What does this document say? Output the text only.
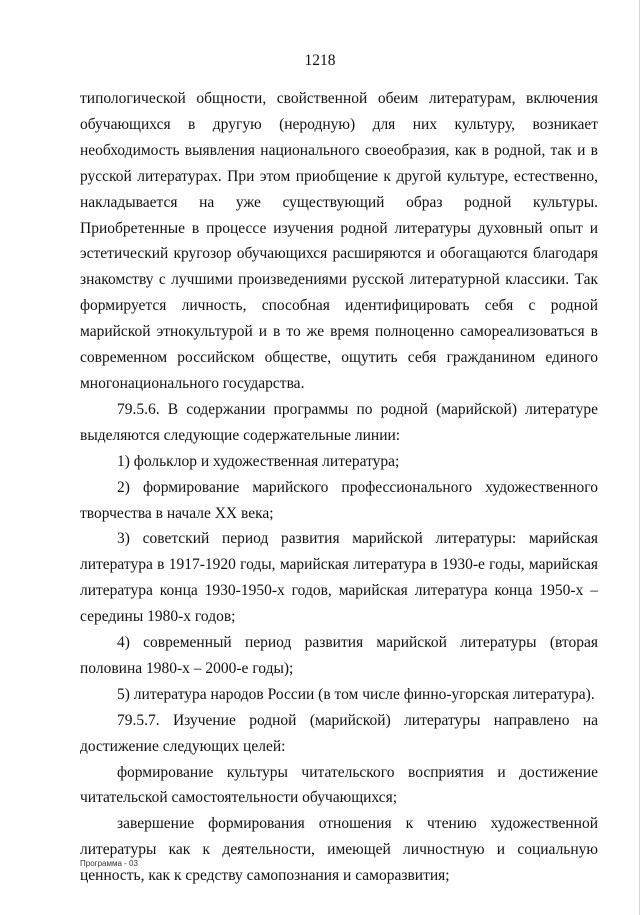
1218

типологической общности, свойственной обеим литературам, включения обучающихся в другую (неродную) для них культуру, возникает необходимость выявления национального своеобразия, как в родной, так и в русской литературах. При этом приобщение к другой культуре, естественно, накладывается на уже существующий образ родной культуры. Приобретенные в процессе изучения родной литературы духовный опыт и эстетический кругозор обучающихся расширяются и обогащаются благодаря знакомству с лучшими произведениями русской литературной классики. Так формируется личность, способная идентифицировать себя с родной марийской этнокультурой и в то же время полноценно самореализоваться в современном российском обществе, ощутить себя гражданином единого многонационального государства.

79.5.6. В содержании программы по родной (марийской) литературе выделяются следующие содержательные линии:

1) фольклор и художественная литература;

2) формирование марийского профессионального художественного творчества в начале XX века;

3) советский период развития марийской литературы: марийская литература в 1917-1920 годы, марийская литература в 1930-е годы, марийская литература конца 1930-1950-х годов, марийская литература конца 1950-х – середины 1980-х годов;

4) современный период развития марийской литературы (вторая половина 1980-х – 2000-е годы);

5) литература народов России (в том числе финно-угорская литература).

79.5.7. Изучение родной (марийской) литературы направлено на достижение следующих целей:

формирование культуры читательского восприятия и достижение читательской самостоятельности обучающихся;

завершение формирования отношения к чтению художественной литературы как к деятельности, имеющей личностную и социальную ценность, как к средству самопознания и саморазвития;

Программа - 03
